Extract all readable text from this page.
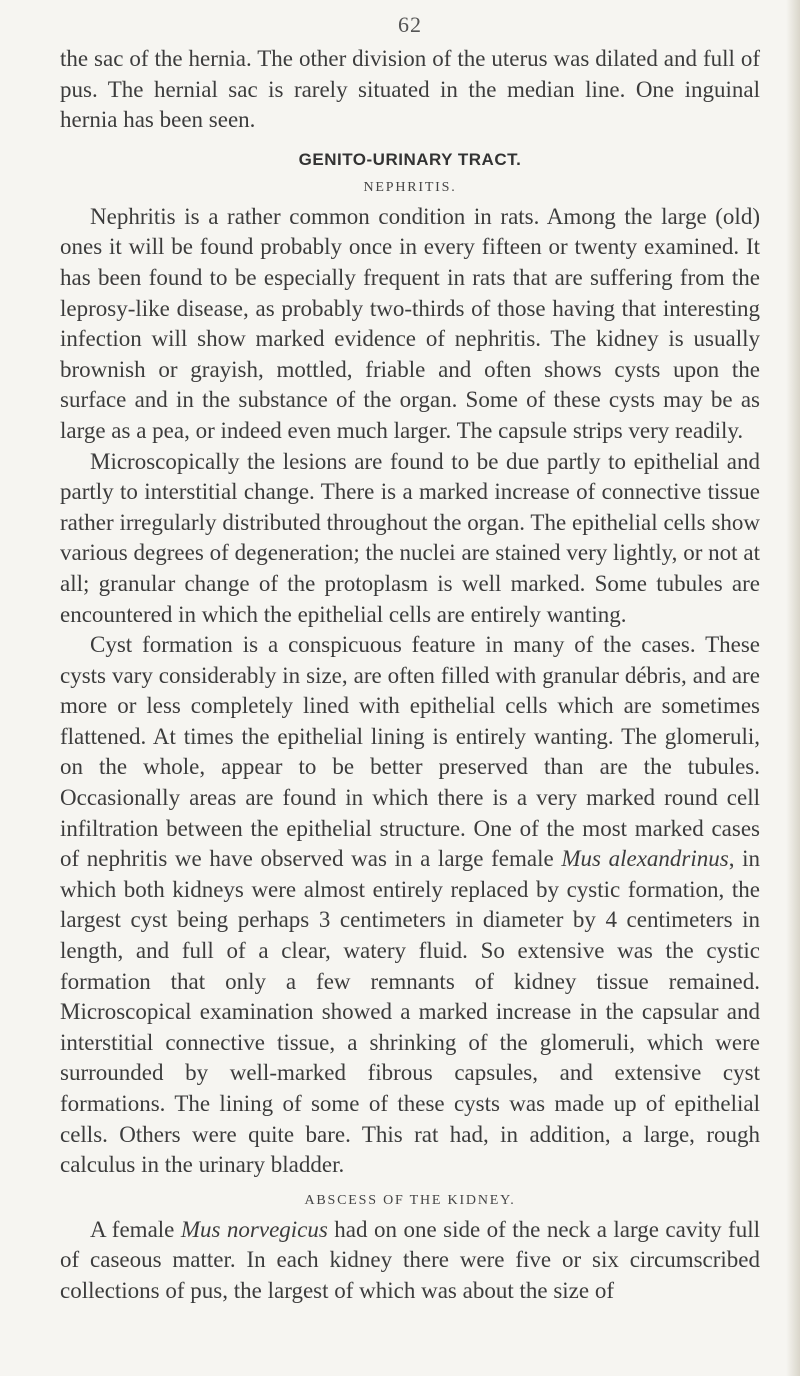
62

the sac of the hernia. The other division of the uterus was dilated and full of pus. The hernial sac is rarely situated in the median line. One inguinal hernia has been seen.

GENITO-URINARY TRACT.
NEPHRITIS.

Nephritis is a rather common condition in rats. Among the large (old) ones it will be found probably once in every fifteen or twenty examined. It has been found to be especially frequent in rats that are suffering from the leprosy-like disease, as probably two-thirds of those having that interesting infection will show marked evidence of nephritis. The kidney is usually brownish or grayish, mottled, friable and often shows cysts upon the surface and in the substance of the organ. Some of these cysts may be as large as a pea, or indeed even much larger. The capsule strips very readily.

Microscopically the lesions are found to be due partly to epithelial and partly to interstitial change. There is a marked increase of connective tissue rather irregularly distributed throughout the organ. The epithelial cells show various degrees of degeneration; the nuclei are stained very lightly, or not at all; granular change of the protoplasm is well marked. Some tubules are encountered in which the epithelial cells are entirely wanting.

Cyst formation is a conspicuous feature in many of the cases. These cysts vary considerably in size, are often filled with granular débris, and are more or less completely lined with epithelial cells which are sometimes flattened. At times the epithelial lining is entirely wanting. The glomeruli, on the whole, appear to be better preserved than are the tubules. Occasionally areas are found in which there is a very marked round cell infiltration between the epithelial structure. One of the most marked cases of nephritis we have observed was in a large female Mus alexandrinus, in which both kidneys were almost entirely replaced by cystic formation, the largest cyst being perhaps 3 centimeters in diameter by 4 centimeters in length, and full of a clear, watery fluid. So extensive was the cystic formation that only a few remnants of kidney tissue remained. Microscopical examination showed a marked increase in the capsular and interstitial connective tissue, a shrinking of the glomeruli, which were surrounded by well-marked fibrous capsules, and extensive cyst formations. The lining of some of these cysts was made up of epithelial cells. Others were quite bare. This rat had, in addition, a large, rough calculus in the urinary bladder.

ABSCESS OF THE KIDNEY.

A female Mus norvegicus had on one side of the neck a large cavity full of caseous matter. In each kidney there were five or six circumscribed collections of pus, the largest of which was about the size of
